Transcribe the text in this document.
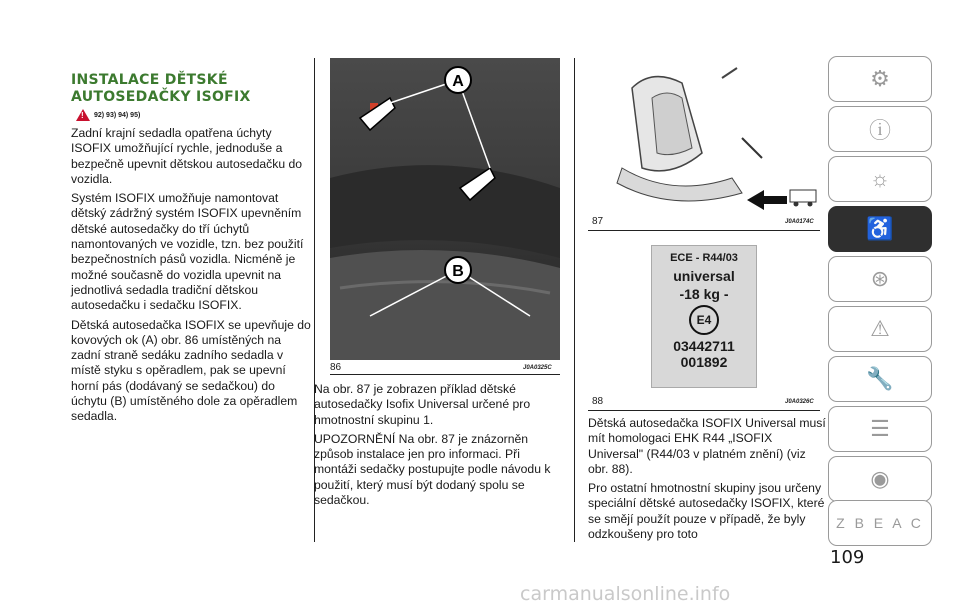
INSTALACE DĚTSKÉ
AUTOSEDAČKY ISOFIX
!
92) 93) 94) 95)

Zadní krajní sedadla opatřena úchyty ISOFIX umožňující rychle, jednoduše a bezpečně upevnit dětskou autosedačku do vozidla.

Systém ISOFIX umožňuje namontovat dětský zádržný systém ISOFIX upevněním dětské autosedačky do tří úchytů namontovaných ve vozidle, tzn. bez použití bezpečnostních pásů vozidla. Nicméně je možné současně do vozidla upevnit na jednotlivá sedadla tradiční dětskou autosedačku i sedačku ISOFIX.

Dětská autosedačka ISOFIX se upevňuje do kovových ok (A) obr. 86 umístěných na zadní straně sedáku zadního sedadla v místě styku s opěradlem, pak se upevní horní pás (dodávaný se sedačkou) do úchytu (B) umístěného dole za opěradlem sedadla.

A
B
86	J0A0325C

Na obr. 87 je zobrazen příklad dětské autosedačky Isofix Universal určené pro hmotnostní skupinu 1.

UPOZORNĚNÍ Na obr. 87 je znázorněn způsob instalace jen pro informaci. Při montáži sedačky postupujte podle návodu k použití, který musí být dodaný spolu se sedačkou.

87	J0A0174C
ECE - R44/03
universal
-18 kg -
E4
03442711
001892
88	J0A0326C

Dětská autosedačka ISOFIX Universal musí mít homologaci EHK R44 „ISOFIX Universal" (R44/03 v platném znění) (viz obr. 88).

Pro ostatní hmotnostní skupiny jsou určeny speciální dětské autosedačky ISOFIX, které se smějí použít pouze v případě, že byly odzkoušeny pro toto

⚙
ⓘ
☼
♿
⊛
⚠
🔧
☰
◉
Z B E A C
109
carmanualsonline.info
